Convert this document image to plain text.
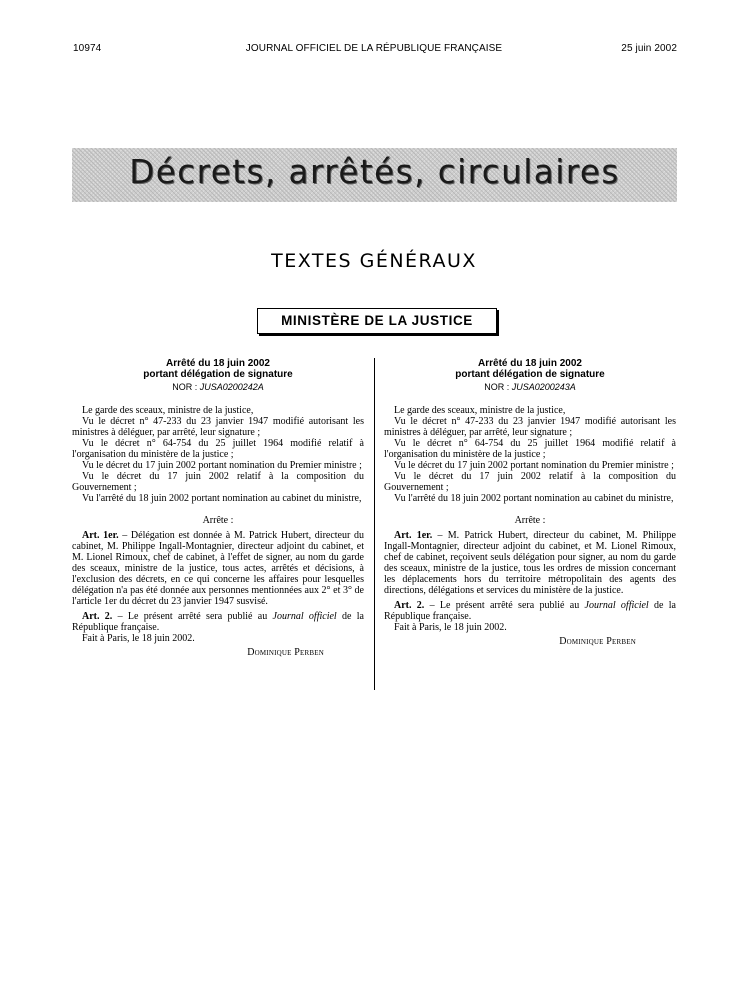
10974	JOURNAL OFFICIEL DE LA RÉPUBLIQUE FRANÇAISE	25 juin 2002
Décrets, arrêtés, circulaires
TEXTES GÉNÉRAUX
MINISTÈRE DE LA JUSTICE

Arrêté du 18 juin 2002

portant délégation de signature

NOR : JUSA0200242A

Le garde des sceaux, ministre de la justice,

Vu le décret n° 47-233 du 23 janvier 1947 modifié autorisant les ministres à déléguer, par arrêté, leur signature ;

Vu le décret n° 64-754 du 25 juillet 1964 modifié relatif à l'organisation du ministère de la justice ;

Vu le décret du 17 juin 2002 portant nomination du Premier ministre ;

Vu le décret du 17 juin 2002 relatif à la composition du Gouvernement ;

Vu l'arrêté du 18 juin 2002 portant nomination au cabinet du ministre,

Arrête :

Art. 1er. – Délégation est donnée à M. Patrick Hubert, directeur du cabinet, M. Philippe Ingall-Montagnier, directeur adjoint du cabinet, et M. Lionel Rimoux, chef de cabinet, à l'effet de signer, au nom du garde des sceaux, ministre de la justice, tous actes, arrêtés et décisions, à l'exclusion des décrets, en ce qui concerne les affaires pour lesquelles délégation n'a pas été donnée aux personnes mentionnées aux 2° et 3° de l'article 1er du décret du 23 janvier 1947 susvisé.

Art. 2. – Le présent arrêté sera publié au Journal officiel de la République française.

Fait à Paris, le 18 juin 2002.

Dominique Perben

Arrêté du 18 juin 2002

portant délégation de signature

NOR : JUSA0200243A

Le garde des sceaux, ministre de la justice,

Vu le décret n° 47-233 du 23 janvier 1947 modifié autorisant les ministres à déléguer, par arrêté, leur signature ;

Vu le décret n° 64-754 du 25 juillet 1964 modifié relatif à l'organisation du ministère de la justice ;

Vu le décret du 17 juin 2002 portant nomination du Premier ministre ;

Vu le décret du 17 juin 2002 relatif à la composition du Gouvernement ;

Vu l'arrêté du 18 juin 2002 portant nomination au cabinet du ministre,

Arrête :

Art. 1er. – M. Patrick Hubert, directeur du cabinet, M. Philippe Ingall-Montagnier, directeur adjoint du cabinet, et M. Lionel Rimoux, chef de cabinet, reçoivent seuls délégation pour signer, au nom du garde des sceaux, ministre de la justice, tous les ordres de mission concernant les déplacements hors du territoire métropolitain des agents des directions, délégations et services du ministère de la justice.

Art. 2. – Le présent arrêté sera publié au Journal officiel de la République française.

Fait à Paris, le 18 juin 2002.

Dominique Perben
